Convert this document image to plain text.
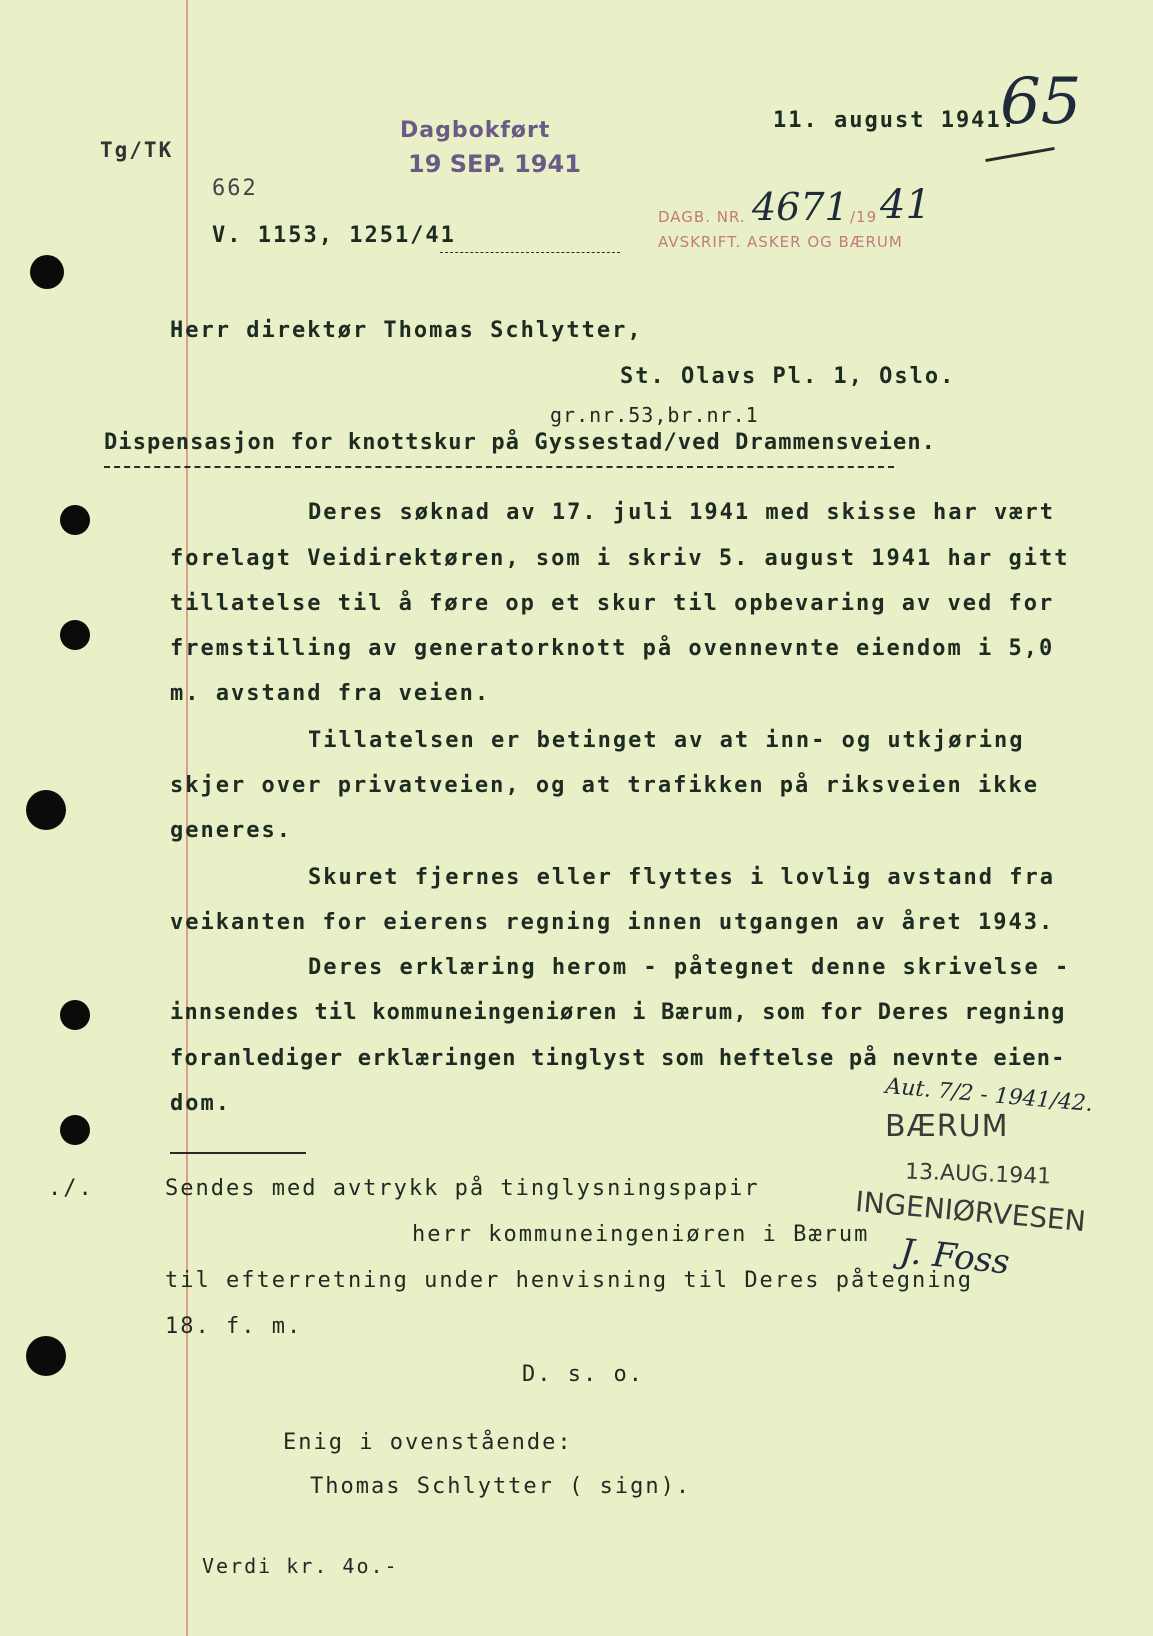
Tg/TK
Dagbokført
19 SEP. 1941
11. august 1941.
65
662
V. 1153, 1251/41
DAGB. NR. 4671 /19 41
AVSKRIFT. ASKER OG BÆRUM
Herr direktør Thomas Schlytter,
St. Olavs Pl. 1, Oslo.
gr.nr.53,br.nr.1
Dispensasjon for knottskur på Gyssestad/ved Drammensveien.
Deres søknad av 17. juli 1941 med skisse har vært
forelagt Veidirektøren, som i skriv 5. august 1941 har gitt
tillatelse til å føre op et skur til opbevaring av ved for
fremstilling av generatorknott på ovennevnte eiendom i 5,0
m. avstand fra veien.
Tillatelsen er betinget av at inn- og utkjøring
skjer over privatveien, og at trafikken på riksveien ikke
generes.
Skuret fjernes eller flyttes i lovlig avstand fra
veikanten for eierens regning innen utgangen av året 1943.
Deres erklæring herom - påtegnet denne skrivelse -
innsendes til kommuneingeniøren i Bærum, som for Deres regning
foranlediger erklæringen tinglyst som heftelse på nevnte eien-
dom.	Aut. 7/2 - 1941/42.
BÆRUM
13.AUG.1941
INGENIØRVESEN
J. Foss
./.	Sendes med avtrykk på tinglysningspapir
herr kommuneingeniøren i Bærum
til efterretning under henvisning til Deres påtegning
18. f. m.
D. s. o.
Enig i ovenstående:
Thomas Schlytter ( sign).
Verdi kr. 4o.-
